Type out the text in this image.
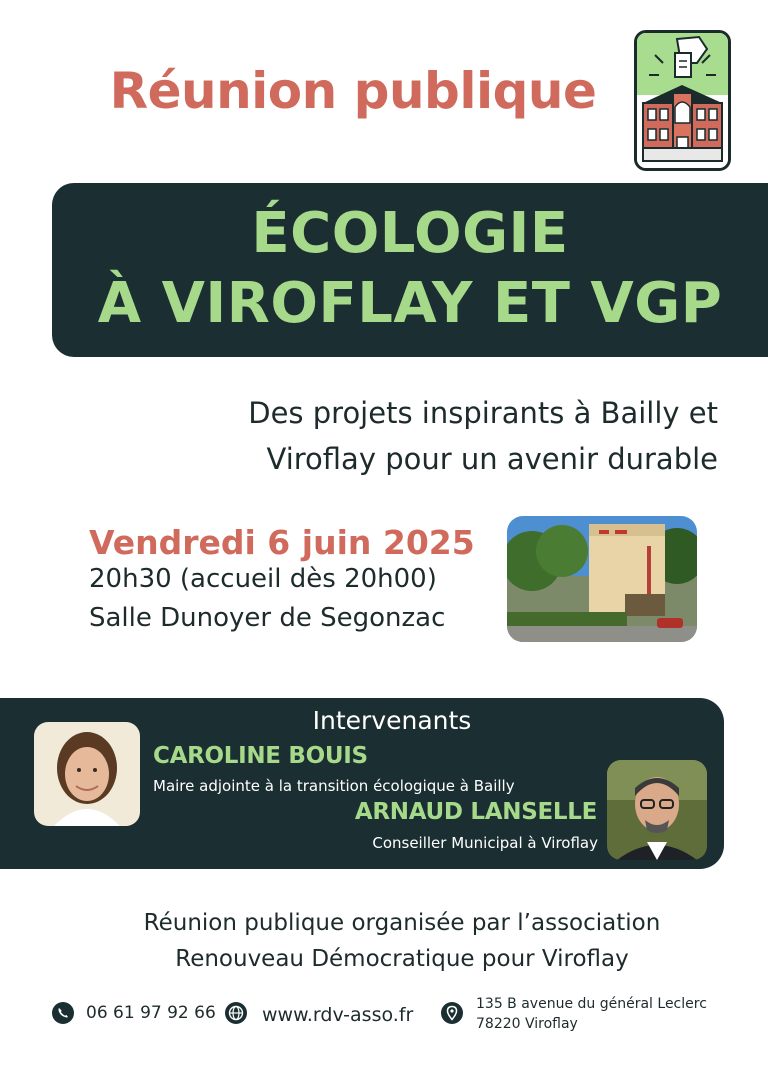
Réunion publique
ÉCOLOGIE
À VIROFLAY ET VGP
Des projets inspirants à Bailly et
Viroflay pour un avenir durable
Vendredi 6 juin 2025
20h30 (accueil dès 20h00)
Salle Dunoyer de Segonzac
Intervenants
CAROLINE BOUIS
Maire adjointe à la transition écologique à Bailly
ARNAUD LANSELLE
Conseiller Municipal à Viroflay
Réunion publique organisée par l’association
Renouveau Démocratique pour Viroflay
06 61 97 92 66 www.rdv-asso.fr	135 B avenue du général Leclerc
78220 Viroflay
